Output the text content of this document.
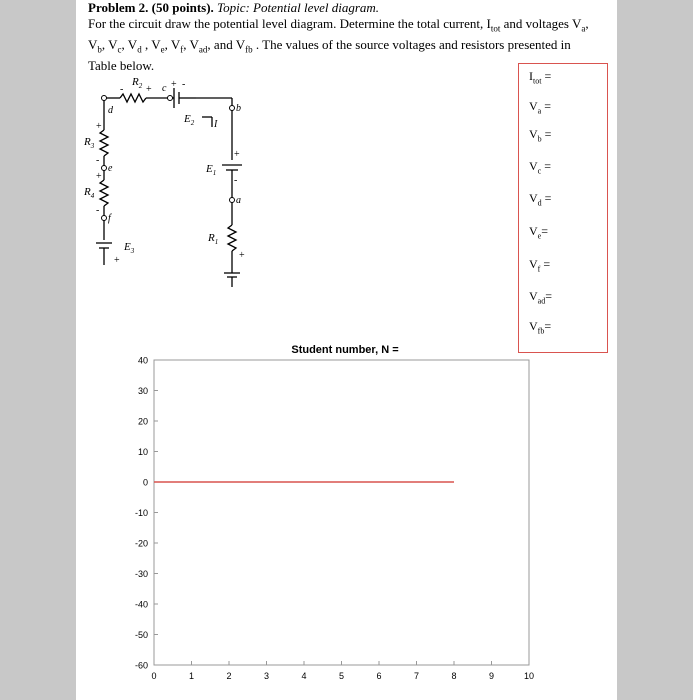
Problem 2. (50 points). Topic: Potential level diagram.
For the circuit draw the potential level diagram. Determine the total current, $I_{tot}$ and voltages $V_a$,
$V_b$, $V_c$, $V_d$ , $V_e$, $V_f$, $V_{ad}$, and $V_{fb}$ . The values of the source voltages and resistors presented in
Table below.
$I_{tot}$ =
$V_a$ =
$V_b$ =
$V_c$ =
$V_d$ =
$V_e=$
$V_f$ =
$V_{ad}=$
$V_{fb}=$
$R_2$
$E_2$
$R_3$
$R_4$
$E_1$
$R_1$
$E_3$
d
c
b
a
e
f
I
+
-
+
-
+
-	+ -
+
-
+
+
Student number, N =
40
30
20
10
0
-10
-20
-30
-40
-50
-60
0	1	2	3	4	5	6	7	8	9	10
